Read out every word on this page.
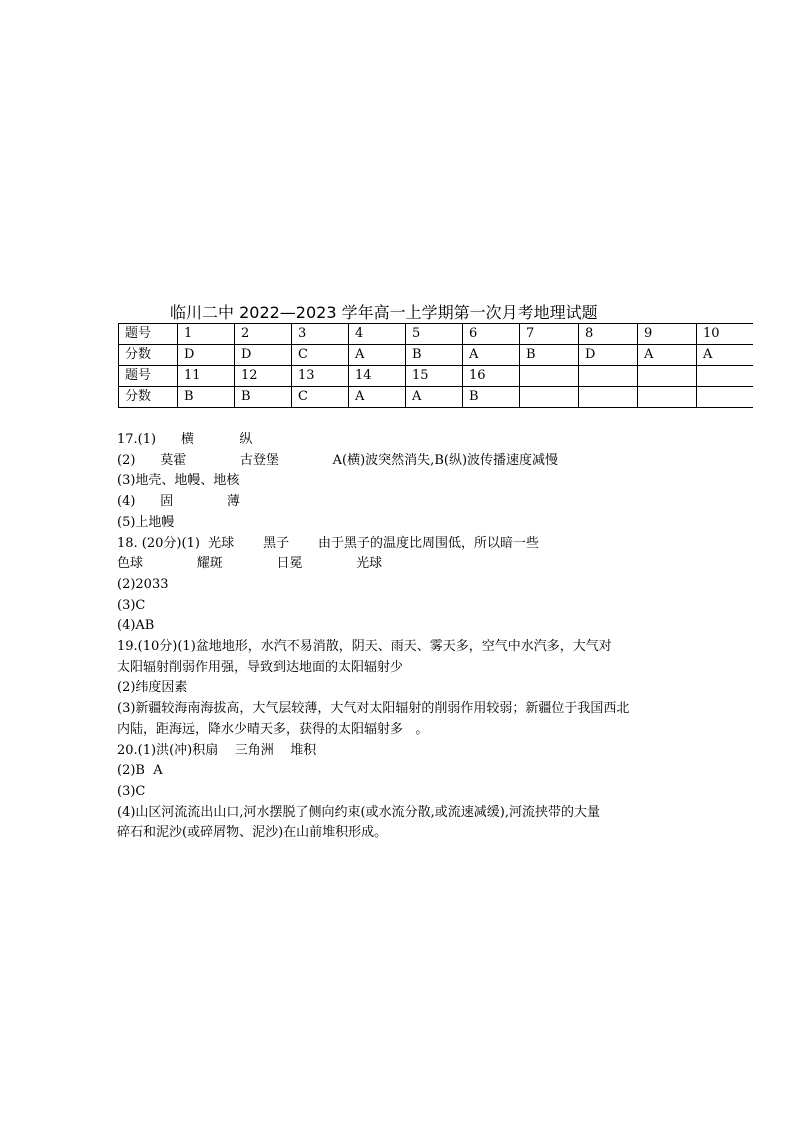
临川二中 2022—2023 学年高一上学期第一次月考地理试题
题号	1	2	3	4	5	6	7	8	9	10
分数	D	D	C	A	B	A	B	D	A	A
题号	11	12	13	14	15	16				
分数	B	B	C	A	A	B				
17.(1)      横           纵
(2)      莫霍             古登堡             A(横)波突然消失,B(纵)波传播速度减慢
(3)地壳、地幔、地核
(4)      固             薄
(5)上地幔
18. (20分)(1)  光球       黑子       由于黑子的温度比周围低，所以暗一些
色球             耀斑             日冕             光球
(2)2033
(3)C
(4)AB
19.(10分)(1)盆地地形，水汽不易消散，阴天、雨天、雾天多，空气中水汽多，大气对
太阳辐射削弱作用强，导致到达地面的太阳辐射少
(2)纬度因素
(3)新疆较海南海拔高，大气层较薄，大气对太阳辐射的削弱作用较弱；新疆位于我国西北
内陆，距海远，降水少晴天多，获得的太阳辐射多   。
20.(1)洪(冲)积扇    三角洲    堆积
(2)B  A
(3)C
(4)山区河流流出山口,河水摆脱了侧向约束(或水流分散,或流速减缓),河流挟带的大量
碎石和泥沙(或碎屑物、泥沙)在山前堆积形成。
